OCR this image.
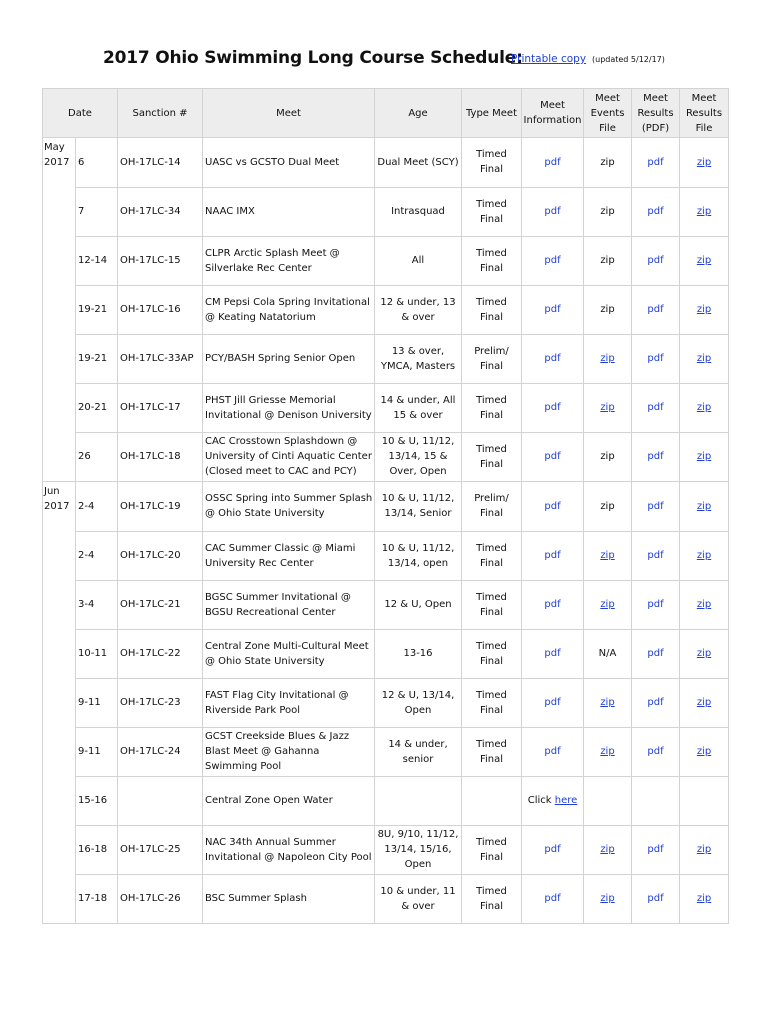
2017 Ohio Swimming Long Course Schedule:
Printable copy (updated 5/12/17)
Date		Sanction #	Meet	Age	Type Meet	Meet Information	Meet Events File	Meet Results (PDF)	Meet Results File
May 2017	6	OH-17LC-14	UASC vs GCSTO Dual Meet	Dual Meet (SCY)	Timed Final	pdf	zip	pdf	zip
	7	OH-17LC-34	NAAC IMX	Intrasquad	Timed Final	pdf	zip	pdf	zip
	12-14	OH-17LC-15	CLPR Arctic Splash Meet @ Silverlake Rec Center	All	Timed Final	pdf	zip	pdf	zip
	19-21	OH-17LC-16	CM Pepsi Cola Spring Invitational @ Keating Natatorium	12 & under, 13 & over	Timed Final	pdf	zip	pdf	zip
	19-21	OH-17LC-33AP	PCY/BASH Spring Senior Open	13 & over, YMCA, Masters	Prelim/ Final	pdf	zip	pdf	zip
	20-21	OH-17LC-17	PHST Jill Griesse Memorial Invitational @ Denison University	14 & under, All 15 & over	Timed Final	pdf	zip	pdf	zip
	26	OH-17LC-18	CAC Crosstown Splashdown @ University of Cinti Aquatic Center (Closed meet to CAC and PCY)	10 & U, 11/12, 13/14, 15 & Over, Open	Timed Final	pdf	zip	pdf	zip
Jun 2017	2-4	OH-17LC-19	OSSC Spring into Summer Splash @ Ohio State University	10 & U, 11/12, 13/14, Senior	Prelim/ Final	pdf	zip	pdf	zip
	2-4	OH-17LC-20	CAC Summer Classic @ Miami University Rec Center	10 & U, 11/12, 13/14, open	Timed Final	pdf	zip	pdf	zip
	3-4	OH-17LC-21	BGSC Summer Invitational @ BGSU Recreational Center	12 & U, Open	Timed Final	pdf	zip	pdf	zip
	10-11	OH-17LC-22	Central Zone Multi-Cultural Meet @ Ohio State University	13-16	Timed Final	pdf	N/A	pdf	zip
	9-11	OH-17LC-23	FAST Flag City Invitational @ Riverside Park Pool	12 & U, 13/14, Open	Timed Final	pdf	zip	pdf	zip
	9-11	OH-17LC-24	GCST Creekside Blues & Jazz Blast Meet @ Gahanna Swimming Pool	14 & under, senior	Timed Final	pdf	zip	pdf	zip
	15-16		Central Zone Open Water			Click here			
	16-18	OH-17LC-25	NAC 34th Annual Summer Invitational @ Napoleon City Pool	8U, 9/10, 11/12, 13/14, 15/16, Open	Timed Final	pdf	zip	pdf	zip
	17-18	OH-17LC-26	BSC Summer Splash	10 & under, 11 & over	Timed Final	pdf	zip	pdf	zip
